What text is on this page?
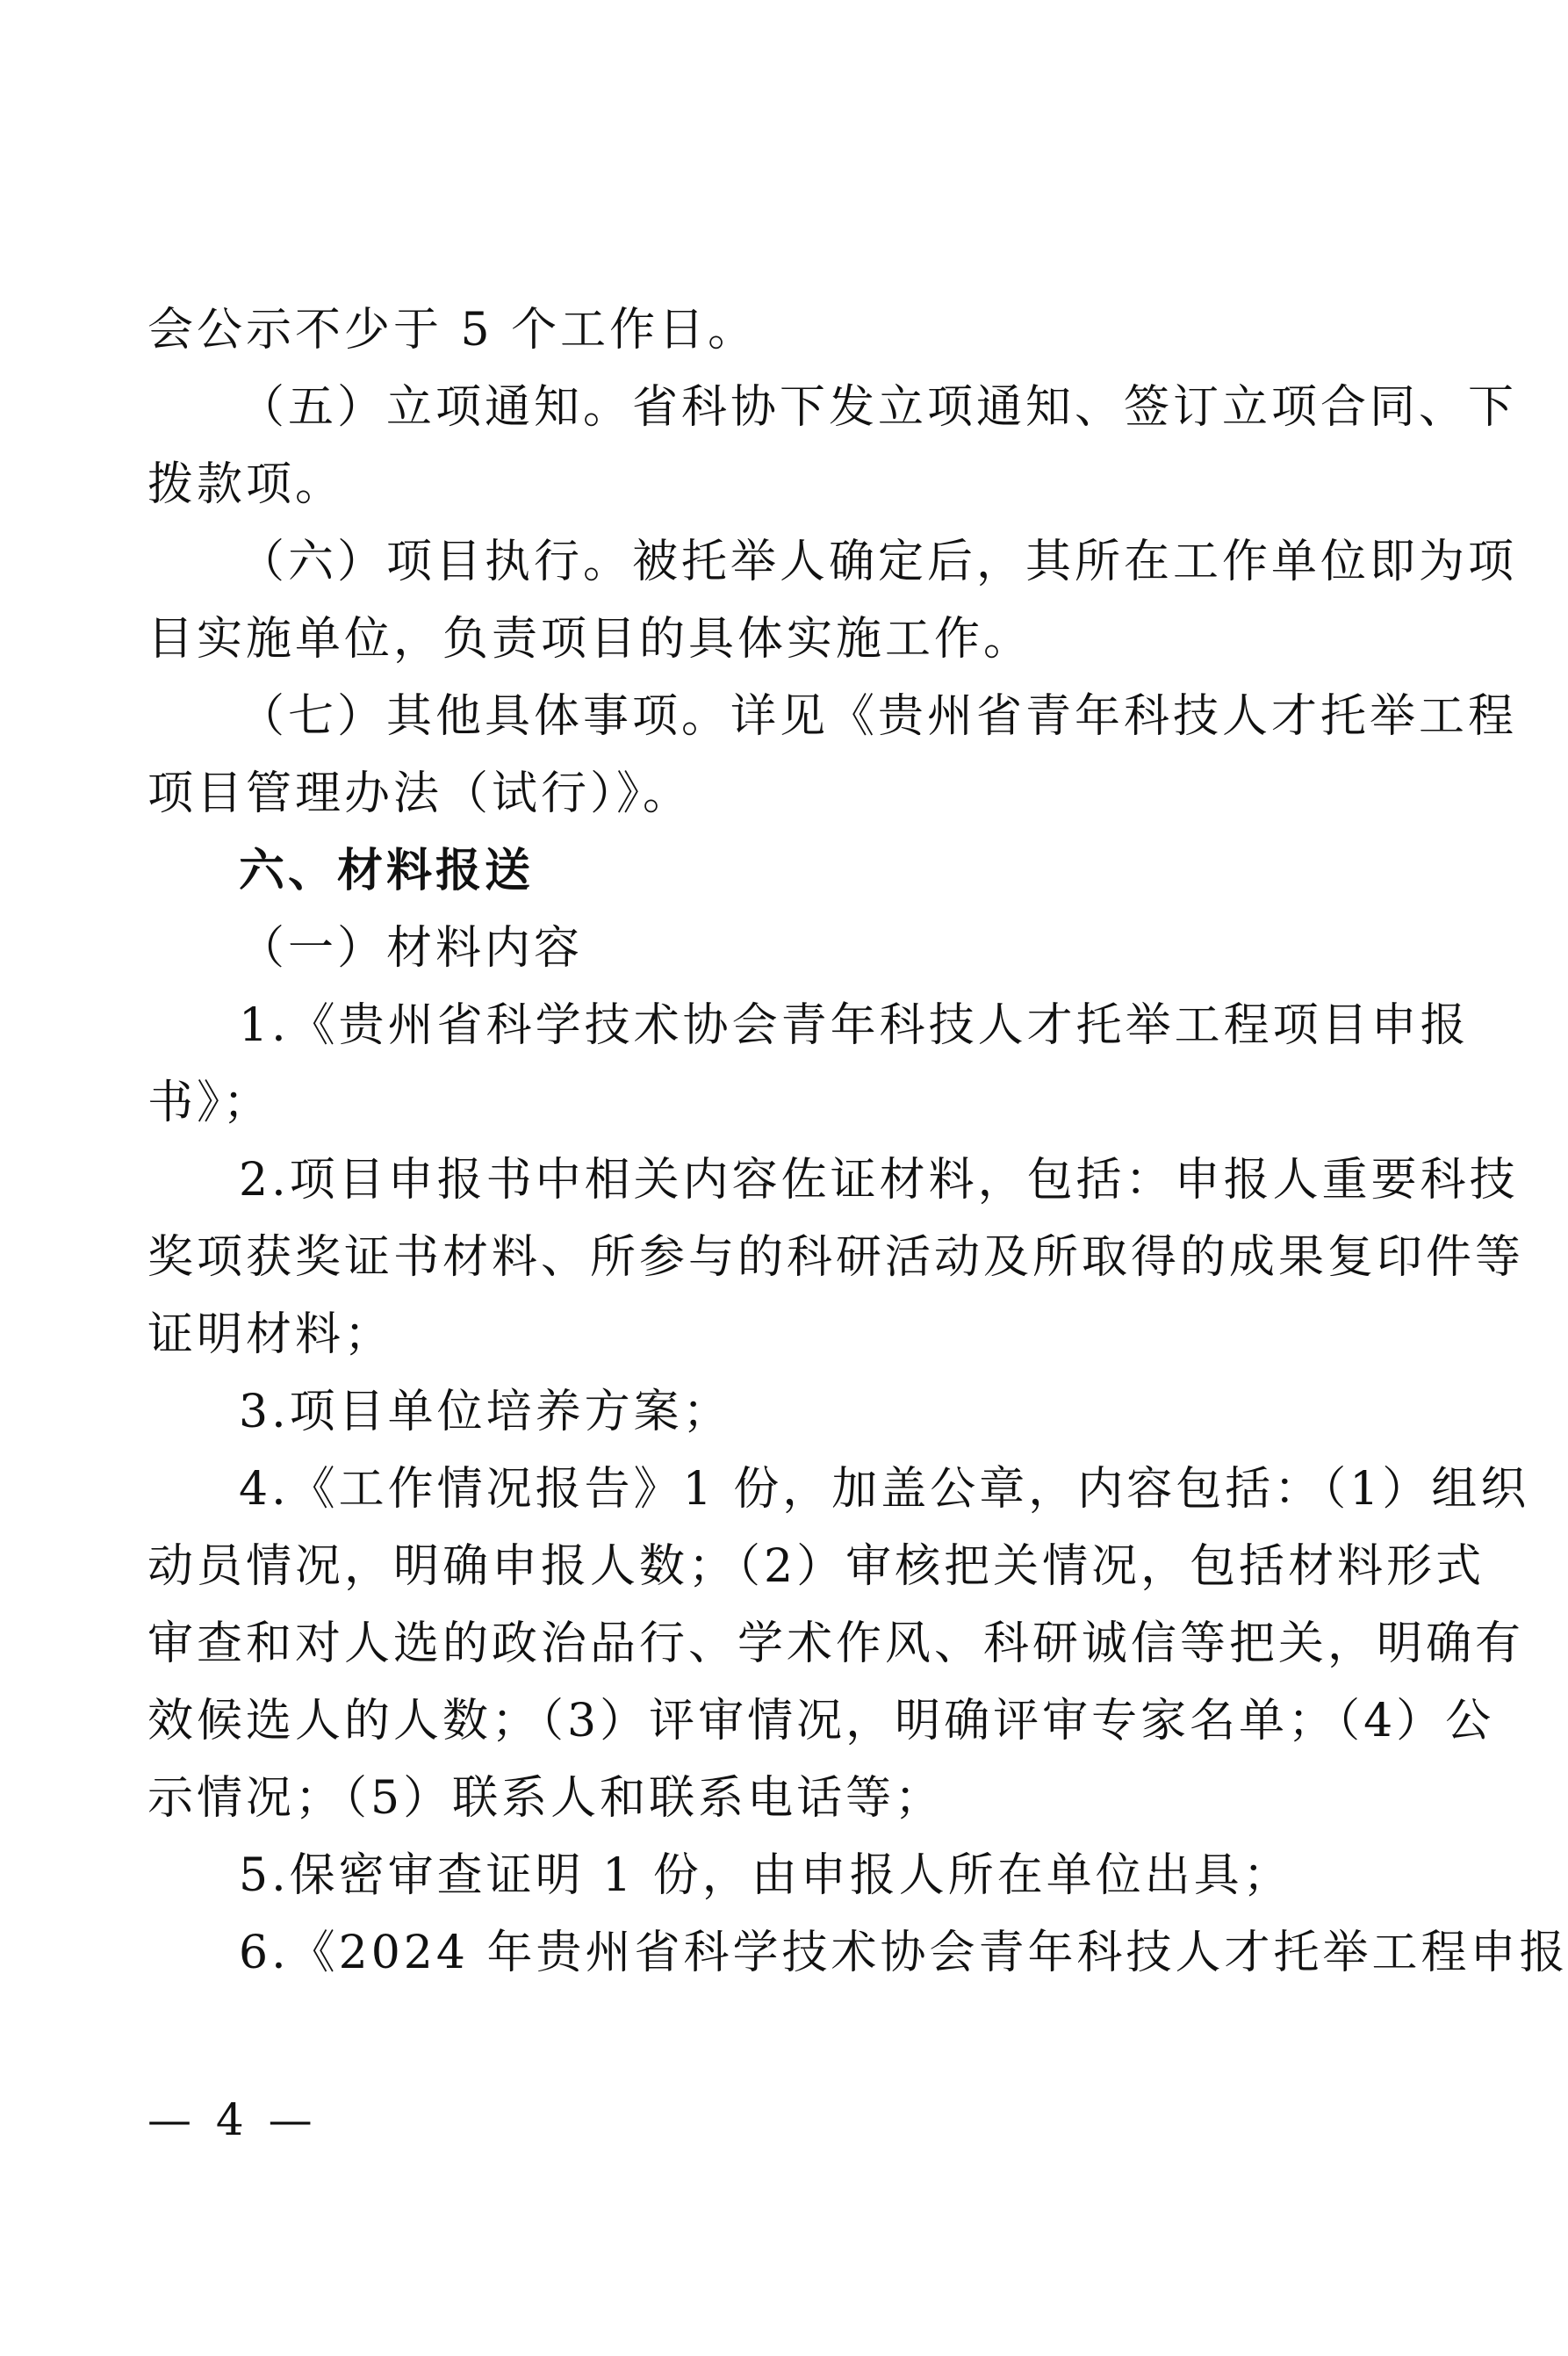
会公示不少于 5 个工作日。
（五）立项通知。省科协下发立项通知、签订立项合同、下
拨款项。
（六）项目执行。被托举人确定后，其所在工作单位即为项
目实施单位，负责项目的具体实施工作。
（七）其他具体事项。详见《贵州省青年科技人才托举工程
项目管理办法（试行）》。
六、材料报送
（一）材料内容
1.《贵州省科学技术协会青年科技人才托举工程项目申报
书》；
2.项目申报书中相关内容佐证材料，包括：申报人重要科技
奖项获奖证书材料、所参与的科研活动及所取得的成果复印件等
证明材料；
3.项目单位培养方案；
4.《工作情况报告》1 份，加盖公章，内容包括：（1）组织
动员情况，明确申报人数；（2）审核把关情况，包括材料形式
审查和对人选的政治品行、学术作风、科研诚信等把关，明确有
效候选人的人数；（3）评审情况，明确评审专家名单；（4）公
示情况；（5）联系人和联系电话等；
5.保密审查证明 1 份，由申报人所在单位出具；
6.《2024 年贵州省科学技术协会青年科技人才托举工程申报
— 4 —
